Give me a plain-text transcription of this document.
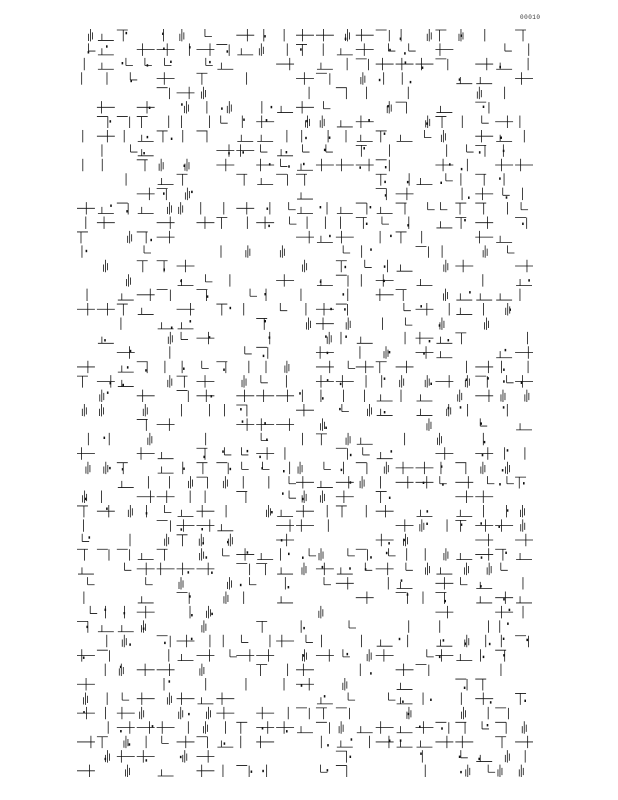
00010
